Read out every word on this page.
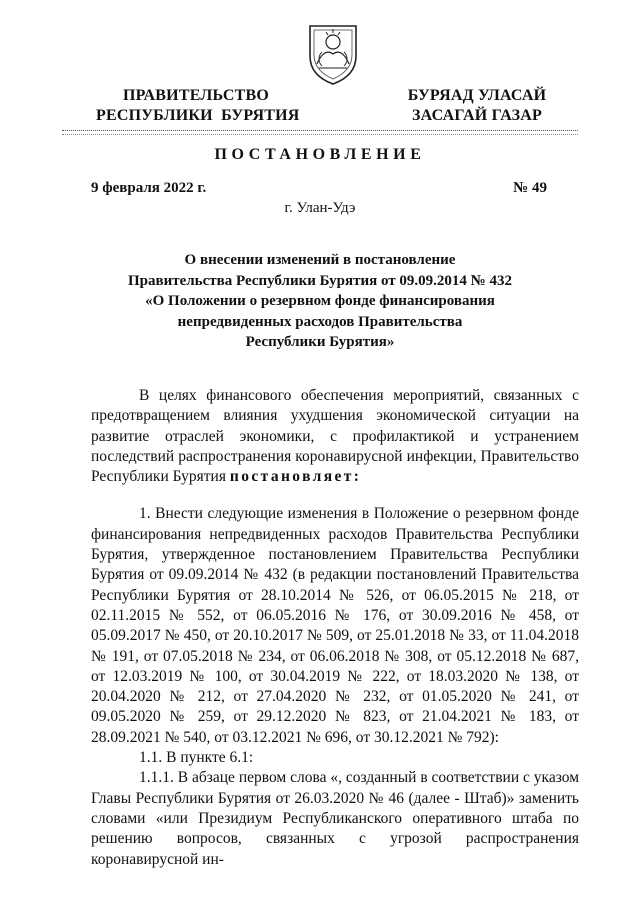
ПРАВИТЕЛЬСТВО
РЕСПУБЛИКИ  БУРЯТИЯ
БУРЯАД УЛАСАЙ
ЗАСАГАЙ ГАЗАР
ПОСТАНОВЛЕНИЕ
9 февраля 2022 г.	№ 49
г. Улан-Удэ
О внесении изменений в постановление
Правительства Республики Бурятия от 09.09.2014 № 432
«О Положении о резервном фонде финансирования
непредвиденных расходов Правительства
Республики Бурятия»

В целях финансового обеспечения мероприятий, связанных с предотвращением влияния ухудшения экономической ситуации на развитие отраслей экономики, с профилактикой и устранением последствий распространения коронавирусной инфекции, Правительство Республики Бурятия постановляет:

1. Внести следующие изменения в Положение о резервном фонде финансирования непредвиденных расходов Правительства Республики Бурятия, утвержденное постановлением Правительства Республики Бурятия от 09.09.2014 № 432 (в редакции постановлений Правительства Республики Бурятия от 28.10.2014 № 526, от 06.05.2015 № 218, от 02.11.2015 № 552, от 06.05.2016 № 176, от 30.09.2016 № 458, от 05.09.2017 № 450, от 20.10.2017 № 509, от 25.01.2018 № 33, от 11.04.2018 № 191, от 07.05.2018 № 234, от 06.06.2018 № 308, от 05.12.2018 № 687, от 12.03.2019 № 100, от 30.04.2019 № 222, от 18.03.2020 № 138, от 20.04.2020 № 212, от 27.04.2020 № 232, от 01.05.2020 № 241, от 09.05.2020 № 259, от 29.12.2020 № 823, от 21.04.2021 № 183, от 28.09.2021 № 540, от 03.12.2021 № 696, от 30.12.2021 № 792):

1.1. В пункте 6.1:

1.1.1. В абзаце первом слова «, созданный в соответствии с указом Главы Республики Бурятия от 26.03.2020 № 46 (далее - Штаб)» заменить словами «или Президиум Республиканского оперативного штаба по решению вопросов, связанных с угрозой распространения коронавирусной ин-
